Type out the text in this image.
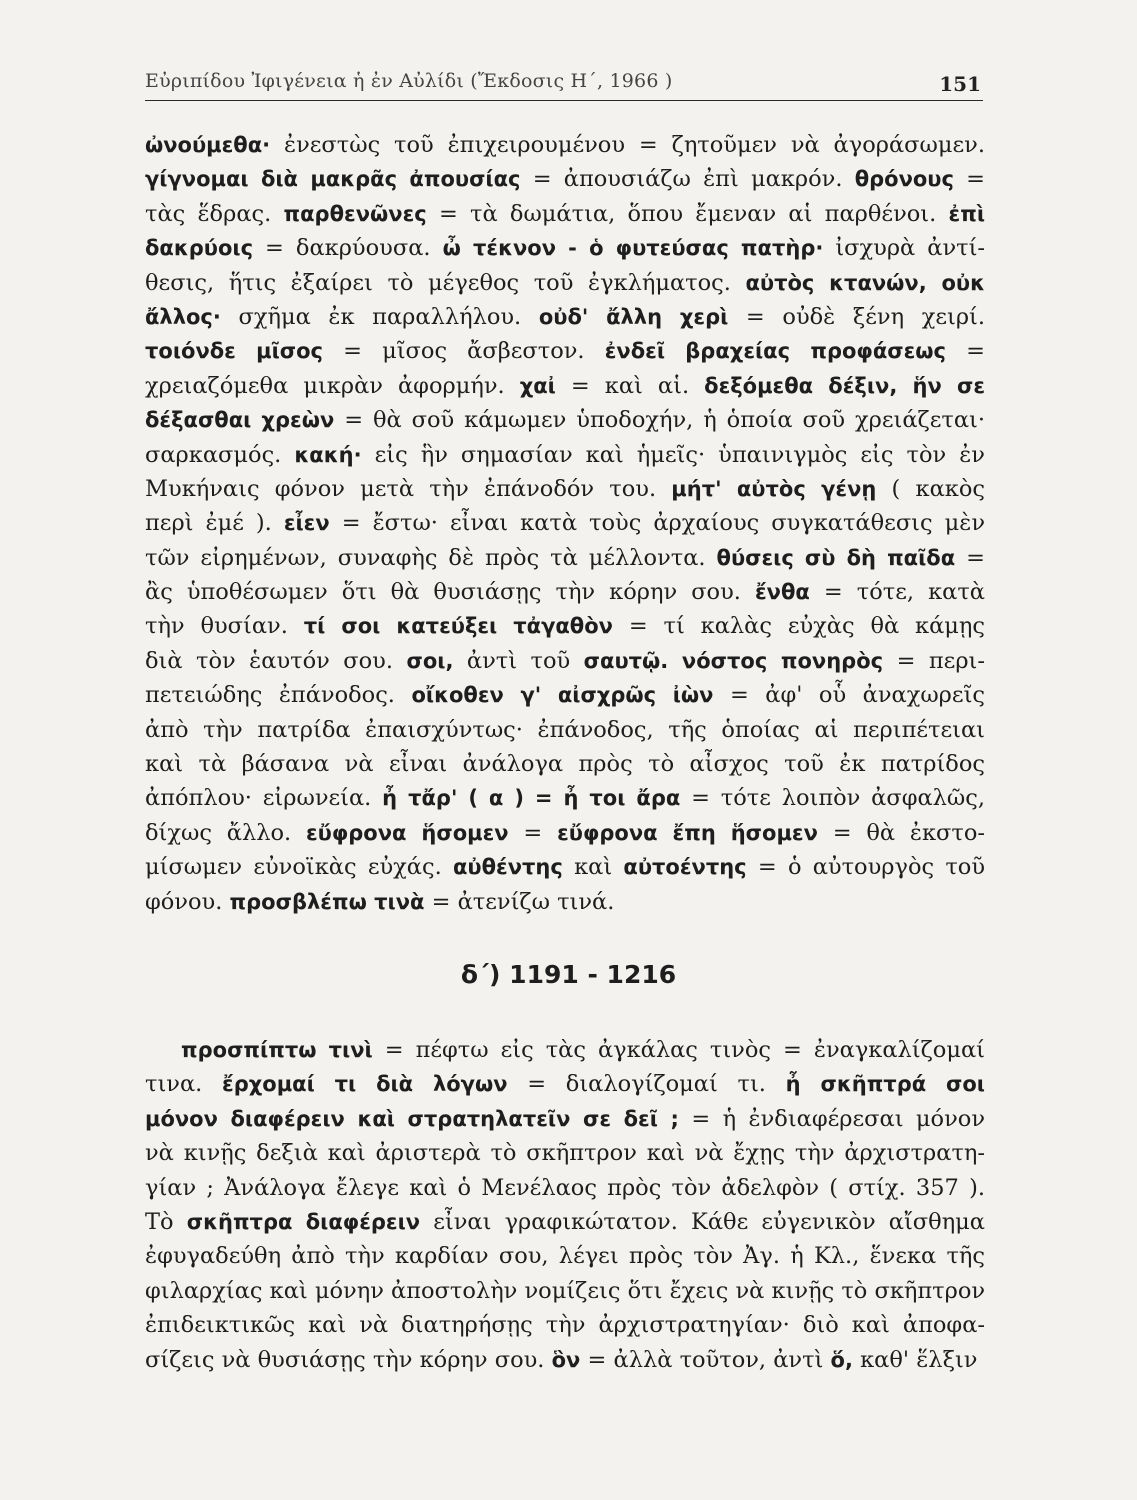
Εὐριπίδου Ἰφιγένεια ἡ ἐν Αὐλίδι (Ἔκδοσις Η΄, 1966 )	151
ὠνούμεθα· ἐνεστὼς τοῦ ἐπιχειρουμένου = ζητοῦμεν νὰ ἀγοράσωμεν.
γίγνομαι διὰ μακρᾶς ἀπουσίας = ἀπουσιάζω ἐπὶ μακρόν. θρόνους =
τὰς ἕδρας. παρθενῶνες = τὰ δωμάτια, ὅπου ἔμεναν αἱ παρθένοι. ἐπὶ
δακρύοις = δακρύουσα. ὦ τέκνον - ὁ φυτεύσας πατὴρ· ἰσχυρὰ ἀντί-
θεσις, ἥτις ἐξαίρει τὸ μέγεθος τοῦ ἐγκλήματος. αὐτὸς κτανών, οὐκ
ἄλλος· σχῆμα ἐκ παραλλήλου. οὐδ' ἄλλη χερὶ = οὐδὲ ξένη χειρί.
τοιόνδε μῖσος = μῖσος ἄσβεστον. ἐνδεῖ βραχείας προφάσεως =
χρειαζόμεθα μικρὰν ἀφορμήν. χαἰ = καὶ αἱ. δεξόμεθα δέξιν, ἥν σε
δέξασθαι χρεὼν = θὰ σοῦ κάμωμεν ὑποδοχήν, ἡ ὁποία σοῦ χρειάζεται·
σαρκασμός. κακή· εἰς ἣν σημασίαν καὶ ἡμεῖς· ὑπαινιγμὸς εἰς τὸν ἐν
Μυκήναις φόνον μετὰ τὴν ἐπάνοδόν του. μήτ' αὐτὸς γένῃ ( κακὸς
περὶ ἐμέ ). εἶεν = ἔστω· εἶναι κατὰ τοὺς ἀρχαίους συγκατάθεσις μὲν
τῶν εἰρημένων, συναφὴς δὲ πρὸς τὰ μέλλοντα. θύσεις σὺ δὴ παῖδα =
ἂς ὑποθέσωμεν ὅτι θὰ θυσιάσῃς τὴν κόρην σου. ἔνθα = τότε, κατὰ
τὴν θυσίαν. τί σοι κατεύξει τἀγαθὸν = τί καλὰς εὐχὰς θὰ κάμῃς
διὰ τὸν ἑαυτόν σου. σοι, ἀντὶ τοῦ σαυτῷ. νόστος πονηρὸς = περι-
πετειώδης ἐπάνοδος. οἴκοθεν γ' αἰσχρῶς ἰὼν = ἀφ' οὗ ἀναχωρεῖς
ἀπὸ τὴν πατρίδα ἐπαισχύντως· ἐπάνοδος, τῆς ὁποίας αἱ περιπέτειαι
καὶ τὰ βάσανα νὰ εἶναι ἀνάλογα πρὸς τὸ αἶσχος τοῦ ἐκ πατρίδος
ἀπόπλου· εἰρωνεία. ἦ τἄρ' ( α ) = ἦ τοι ἄρα = τότε λοιπὸν ἀσφαλῶς,
δίχως ἄλλο. εὔφρονα ἥσομεν = εὔφρονα ἔπη ἥσομεν = θὰ ἐκστο-
μίσωμεν εὐνοϊκὰς εὐχάς. αὐθέντης καὶ αὐτοέντης = ὁ αὐτουργὸς τοῦ
φόνου. προσβλέπω τινὰ = ἀτενίζω τινά.
δ΄) 1191 - 1216
προσπίπτω τινὶ = πέφτω εἰς τὰς ἀγκάλας τινὸς = ἐναγκαλίζομαί
τινα. ἔρχομαί τι διὰ λόγων = διαλογίζομαί τι. ἦ σκῆπτρά σοι
μόνον διαφέρειν καὶ στρατηλατεῖν σε δεῖ ; = ἡ ἐνδιαφέρεσαι μόνον
νὰ κινῇς δεξιὰ καὶ ἀριστερὰ τὸ σκῆπτρον καὶ νὰ ἔχῃς τὴν ἀρχιστρατη-
γίαν ; Ἀνάλογα ἔλεγε καὶ ὁ Μενέλαος πρὸς τὸν ἀδελφὸν ( στίχ. 357 ).
Τὸ σκῆπτρα διαφέρειν εἶναι γραφικώτατον. Κάθε εὐγενικὸν αἴσθημα
ἐφυγαδεύθη ἀπὸ τὴν καρδίαν σου, λέγει πρὸς τὸν Ἀγ. ἡ Κλ., ἕνεκα τῆς
φιλαρχίας καὶ μόνην ἀποστολὴν νομίζεις ὅτι ἔχεις νὰ κινῇς τὸ σκῆπτρον
ἐπιδεικτικῶς καὶ νὰ διατηρήσῃς τὴν ἀρχιστρατηγίαν· διὸ καὶ ἀποφα-
σίζεις νὰ θυσιάσῃς τὴν κόρην σου. ὃν = ἀλλὰ τοῦτον, ἀντὶ ὅ, καθ' ἕλξιν
